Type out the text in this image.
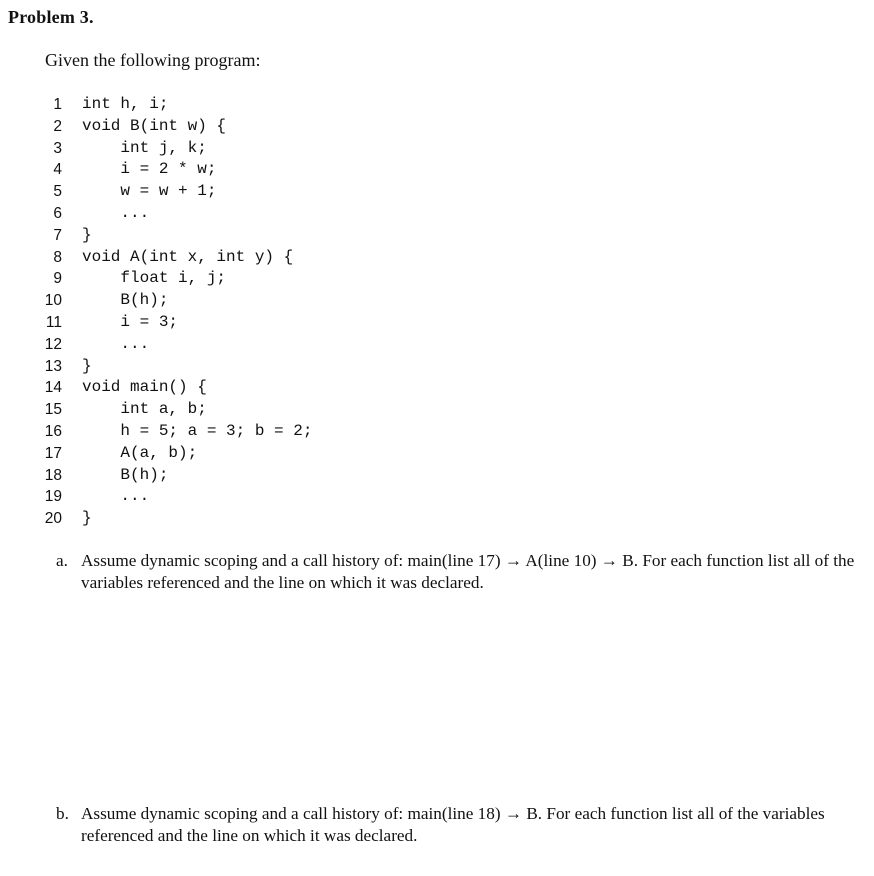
Problem 3.
Given the following program:
1	int h, i;
2	void B(int w) {
3	int j, k;
4	i = 2 * w;
5	w = w + 1;
6	...
7	}
8	void A(int x, int y) {
9	float i, j;
10	B(h);
11	i = 3;
12	...
13	}
14	void main() {
15	int a, b;
16	h = 5; a = 3; b = 2;
17	A(a, b);
18	B(h);
19	...
20	}
a. Assume dynamic scoping and a call history of: main(line 17) → A(line 10) → B. For each function list all of the variables referenced and the line on which it was declared.
b. Assume dynamic scoping and a call history of: main(line 18) → B. For each function list all of the variables referenced and the line on which it was declared.
